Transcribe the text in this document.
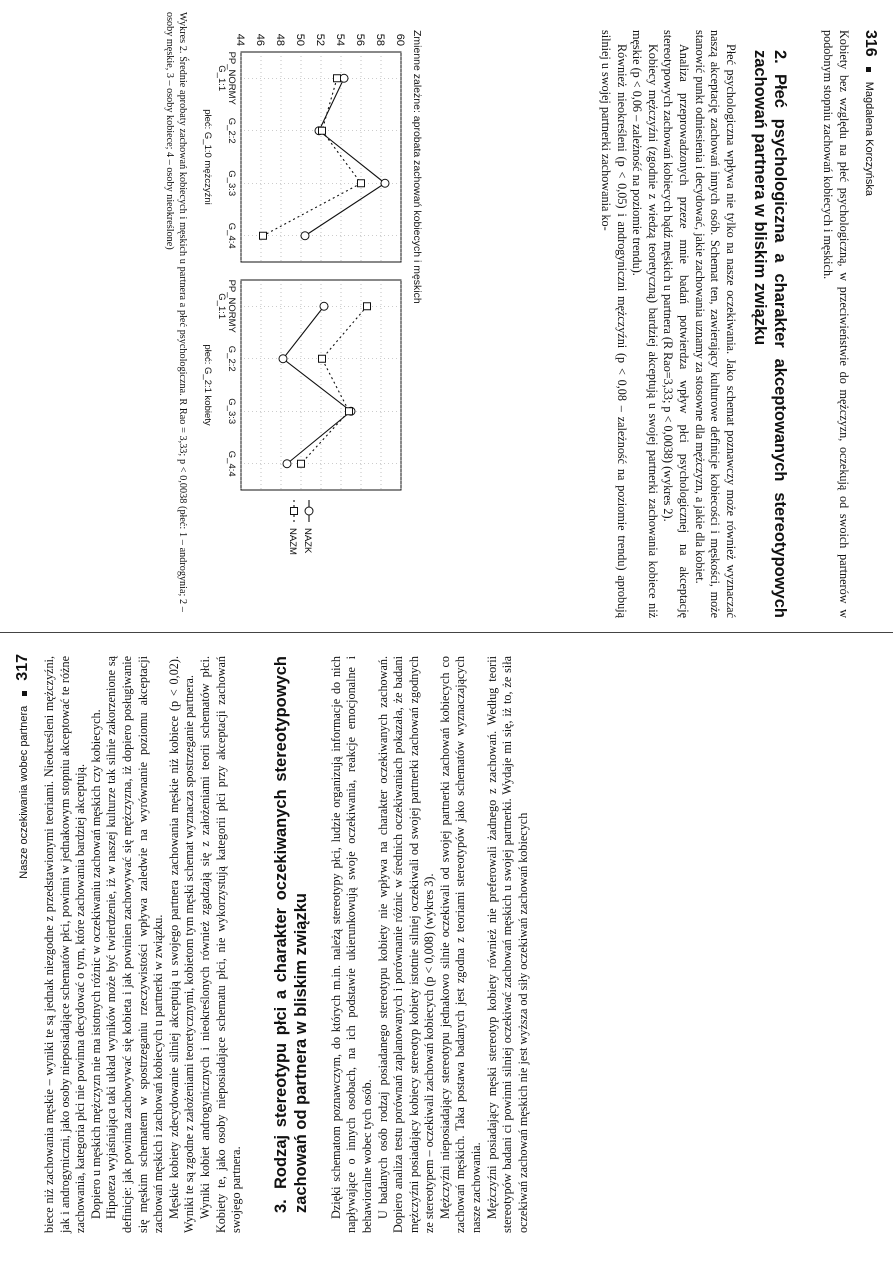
316Magdalena Korczyńska

Kobiety bez względu na płeć psychologiczną, w przeciwieństwie do mężczyzn, oczekują od swoich partnerów w podobnym stopniu zachowań kobiecych i męskich.

2.Płeć psychologiczna a charakter akceptowanych stereotypowych zachowań partnera w bliskim związku

Płeć psychologiczna wpływa nie tylko na nasze oczekiwania. Jako schemat poznawczy może również wyznaczać naszą akceptację zachowań innych osób. Schemat ten, zawierający kulturowe definicje kobiecości i męskości, może stanowić punkt odniesienia i decydować, jakie zachowania uznamy za stosowne dla mężczyzn, a jakie dla kobiet.

Analiza przeprowadzonych przeze mnie badań potwierdza wpływ płci psychologicznej na akceptację stereotypowych zachowań kobiecych bądź męskich u partnera (R Rao=3,33; p < 0,0038) (wykres 2).

Kobiecy mężczyźni (zgodnie z wiedzą teoretyczną) bardziej akceptują u swojej partnerki zachowania kobiece niż męskie (p < 0,06 – zależność na poziomie trendu).

Również nieokreśleni (p < 0,05) i androgyniczni mężczyźni (p < 0,08 – zależność na poziomie trendu) aprobują silniej u swojej partnerki zachowania ko-

Zmienne zależne: aprobata zachowań kobiecych i męskich
44 46 48 50 52 54 56 58 60
PP_NORMY
G_1:1
G_2:2
G_3:3
G_4:4
płeć: G_1:0 mężczyźni
PP_NORMY
G_1:1
G_2:2
G_3:3
G_4:4
płeć: G_2:1 kobiety
NAZK
NAZM
Wykres 2. Średnie aprobaty zachowań kobiecych i męskich u partnera a płeć psychologiczna. R Rao = 3,33; p < 0,0038 (płeć: 1 – androgynia; 2 – osoby męskie, 3 – osoby kobiece; 4 – osoby nieokreślone)
Nasze oczekiwania wobec partnera317 biece niż zachowania męskie – wyniki te są jednak niezgodne z przedstawionymi teoriami. Nieokreśleni mężczyźni, jak i androgyniczni, jako osoby nieposiadające schematów płci, powinni w jednakowym stopniu akceptować te różne zachowania, kategoria płci nie powinna decydować o tym, które zachowania bardziej akceptują. Dopiero u męskich mężczyzn nie ma istotnych różnic w oczekiwaniu zachowań męskich czy kobiecych. Hipoteza wyjaśniająca taki układ wyników może być twierdzenie, iż w naszej kulturze tak silnie zakorzenione są definicje: jak powinna zachowywać się kobieta i jak powinien zachowywać się mężczyzna, iż dopiero posługiwanie się męskim schematem w spostrzeganiu rzeczywistości wpływa zaledwie na wyrównanie poziomu akceptacji zachowań męskich i zachowań kobiecych u partnerki w związku. Męskie kobiety zdecydowanie silniej akceptują u swojego partnera zachowania męskie niż kobiece (p < 0,02). Wyniki te są zgodne z założeniami teoretycznymi, kobietom tym męski schemat wyznacza spostrzeganie partnera. Wyniki kobiet androgynicznych i nieokreślonych również zgadzają się z założeniami teorii schematów płci. Kobiety te, jako osoby nieposiadające schematu płci, nie wykorzystują kategorii płci przy akceptacji zachowań swojego partnera. 3.Rodzaj stereotypu płci a charakter oczekiwanych stereotypowych zachowań od partnera w bliskim związku Dzięki schematom poznawczym, do których m.in. należą stereotypy płci, ludzie organizują informacje do nich napływające o innych osobach, na ich podstawie ukierunkowują swoje oczekiwania, reakcje emocjonalne i behawioralne wobec tych osób. U badanych osób rodzaj posiadanego stereotypu kobiety nie wpływa na charakter oczekiwanych zachowań. Dopiero analiza testu porównań zaplanowanych i porównanie różnic w średnich oczekiwaniach pokazała, że badani mężczyźni posiadający kobiecy stereotyp kobiety istotnie silniej oczekiwali od swojej partnerki zachowań zgodnych ze stereotypem – oczekiwali zachowań kobiecych (p < 0,008) (wykres 3). Mężczyźni nieposiadający stereotypu jednakowo silnie oczekiwali od swojej partnerki zachowań kobiecych co zachowań męskich. Taka postawa badanych jest zgodna z teoriami stereotypów jako schematów wyznaczających nasze zachowania. Mężczyźni posiadający męski stereotyp kobiety również nie preferowali żadnego z zachowań. Według teorii stereotypów badani ci powinni silniej oczekiwać zachowań męskich u swojej partnerki. Wydaje mi się, iż to, że siła oczekiwań zachowań męskich nie jest wyższa od siły oczekiwań zachowań kobiecych
